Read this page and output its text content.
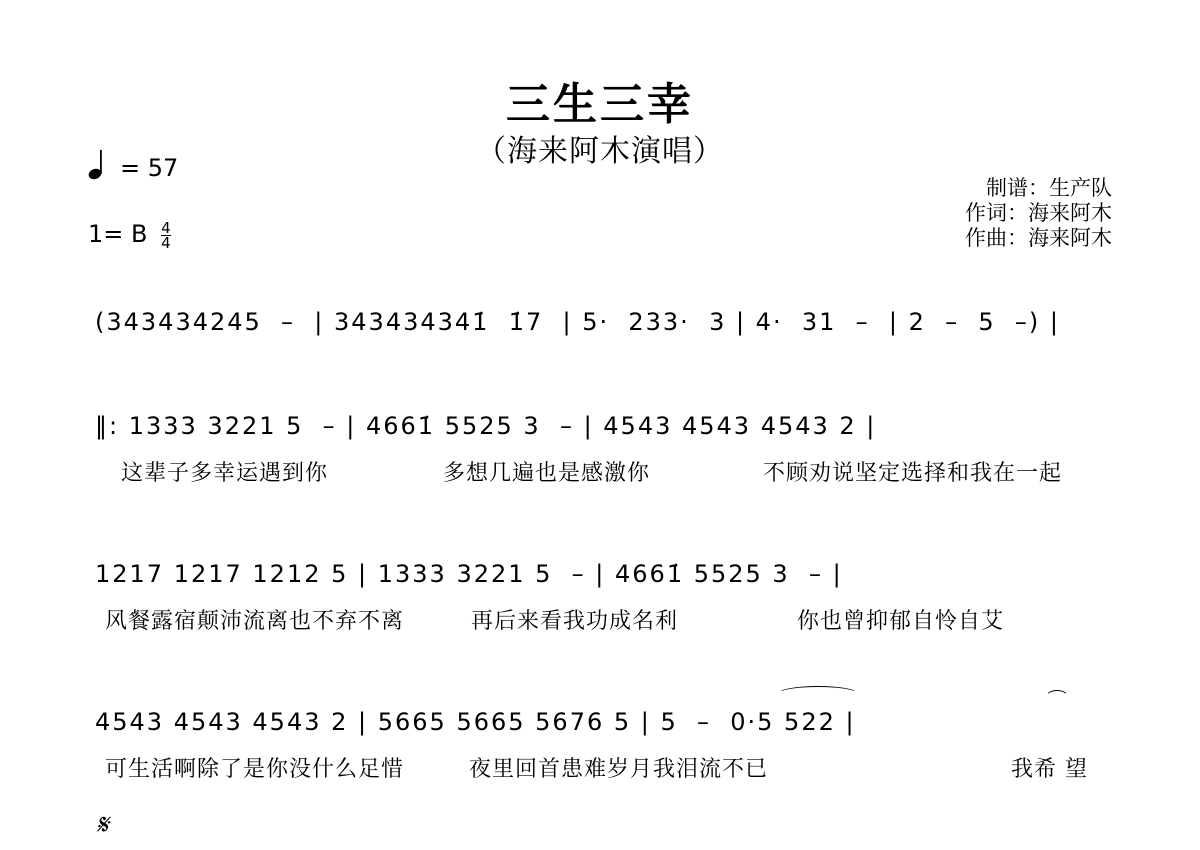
三生三幸
（海来阿木演唱）
= 57
1= B $\frac{4}{4}$
制谱：生产队
作词：海来阿木
作曲：海来阿木
(343434245  –  | 343434341̇  1̇7  | 5·  233·  3 | 4·  31  –  | 2  –  5  –) |
‖: 1333 3221 5  – | 4661̇ 5525 3  – | 4543 4543 4543 2 |
这辈子多幸运遇到你	多想几遍也是感激你	不顾劝说坚定选择和我在一起
1217 1217 1212 5 | 1333 3221 5  – | 4661̇ 5525 3  – |
风餐露宿颠沛流离也不弃不离	再后来看我功成名利	你也曾抑郁自怜自艾
4543 4543 4543 2 | 5665 5665 5676 5 | 5  –  0·5 522 |
可生活啊除了是你没什么足惜	夜里回首患难岁月我泪流不已	我希 望
𝄋
